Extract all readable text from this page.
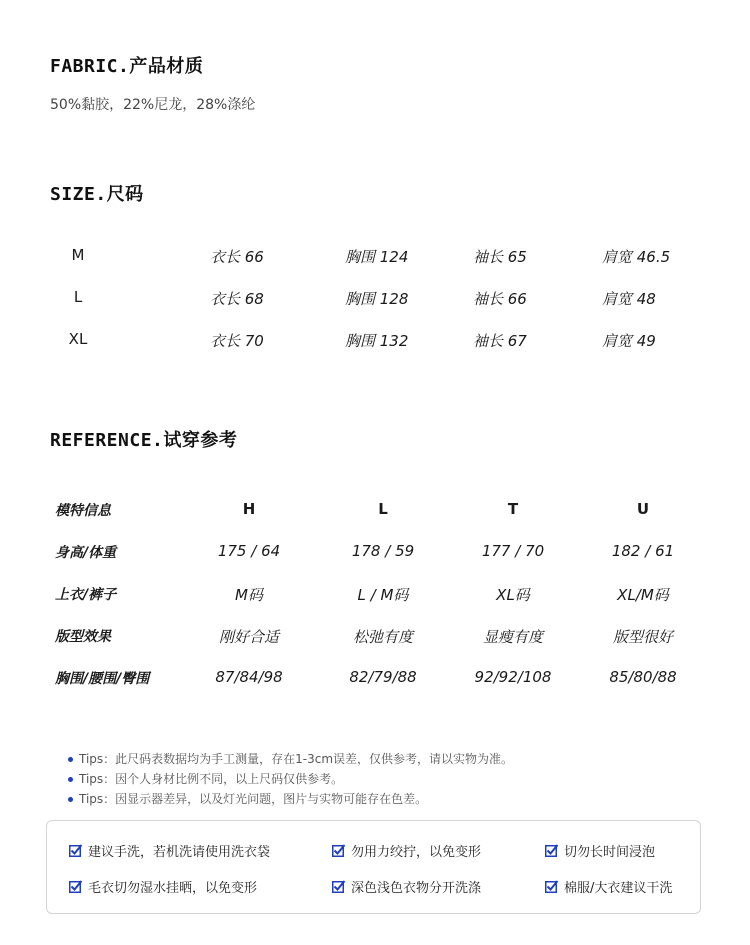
FABRIC.产品材质
50%黏胶，22%尼龙，28%涤纶
SIZE.尺码
M	衣长 66	胸围 124	袖长 65	肩宽 46.5
L	衣长 68	胸围 128	袖长 66	肩宽 48
XL	衣长 70	胸围 132	袖长 67	肩宽 49
REFERENCE.试穿参考
模特信息	H	L	T	U
身高/体重	175 / 64	178 / 59	177 / 70	182 / 61
上衣/裤子	M码	L / M码	XL码	XL/M码
版型效果	刚好合适	松弛有度	显瘦有度	版型很好
胸围/腰围/臀围	87/84/98	82/79/88	92/92/108	85/80/88
Tips：此尺码表数据均为手工测量，存在1-3cm误差，仅供参考，请以实物为准。
Tips：因个人身材比例不同，以上尺码仅供参考。
Tips：因显示器差异，以及灯光问题，图片与实物可能存在色差。
建议手洗，若机洗请使用洗衣袋	勿用力绞拧，以免变形	切勿长时间浸泡
毛衣切勿湿水挂晒，以免变形	深色浅色衣物分开洗涤	棉服/大衣建议干洗
